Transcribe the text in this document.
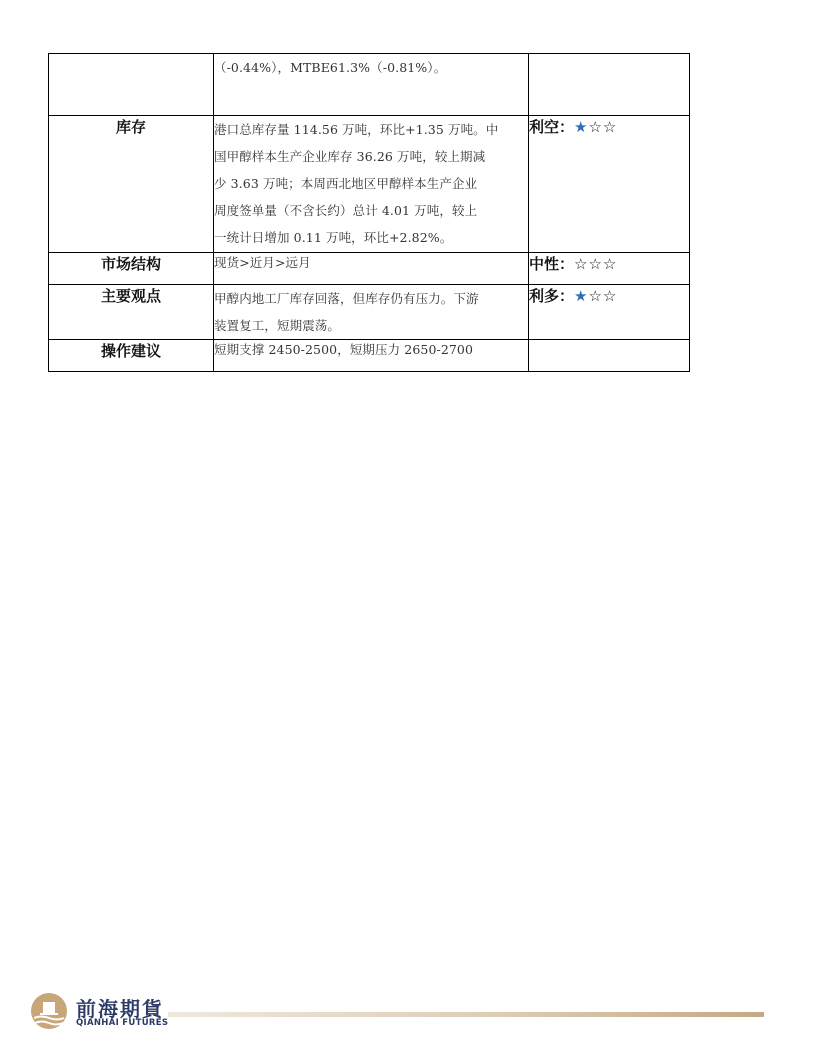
	（-0.44%），MTBE61.3%（-0.81%）。	

库存	港口总库存量 114.56 万吨，环比+1.35 万吨。中
国甲醇样本生产企业库存 36.26 万吨，较上期减
少 3.63 万吨；本周西北地区甲醇样本生产企业
周度签单量（不含长约）总计 4.01 万吨，较上
一统计日增加 0.11 万吨，环比+2.82%。	利空：★☆☆
市场结构	现货>近月>远月	中性：☆☆☆
主要观点	甲醇内地工厂库存回落，但库存仍有压力。下游
装置复工，短期震荡。	利多：★☆☆
操作建议	短期支撑 2450-2500，短期压力 2650-2700	

前海期貨
QIANHAI FUTURES
